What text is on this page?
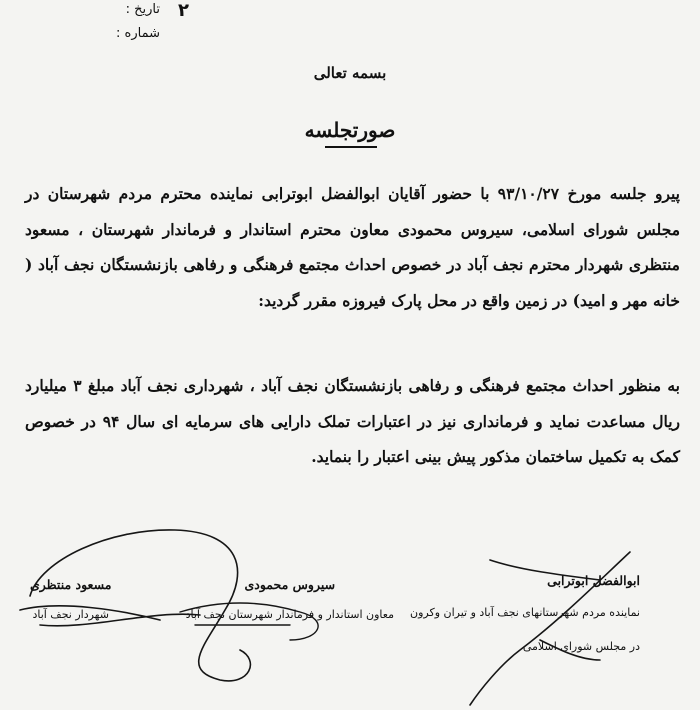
۲
تاریخ :
شماره :
بسمه تعالی
صورتجلسه
پیرو جلسه مورخ ۹۳/۱۰/۲۷ با حضور آقایان ابوالفضل ابوترابی نماینده محترم مردم شهرستان در مجلس شورای اسلامی، سیروس محمودی معاون محترم استاندار و فرماندار شهرستان ، مسعود منتظری شهردار محترم نجف آباد در خصوص احداث مجتمع فرهنگی و رفاهی بازنشستگان نجف آباد ( خانه مهر و امید) در زمین واقع در محل پارک فیروزه مقرر گردید:
به منظور احداث مجتمع فرهنگی و رفاهی بازنشستگان نجف آباد ، شهرداری نجف آباد مبلغ ۳ میلیارد ریال مساعدت نماید و فرمانداری نیز در اعتبارات تملک دارایی های سرمایه ای سال ۹۴ در خصوص کمک به تکمیل ساختمان مذکور پیش بینی اعتبار را بنماید.
ابوالفضل ابوترابی
نماینده مردم شهرستانهای نجف آباد و تیران وکرون
در مجلس شورای اسلامی
سیروس محمودی
معاون استاندار و فرماندار شهرستان نجف آباد
مسعود منتظری
شهردار نجف آباد
